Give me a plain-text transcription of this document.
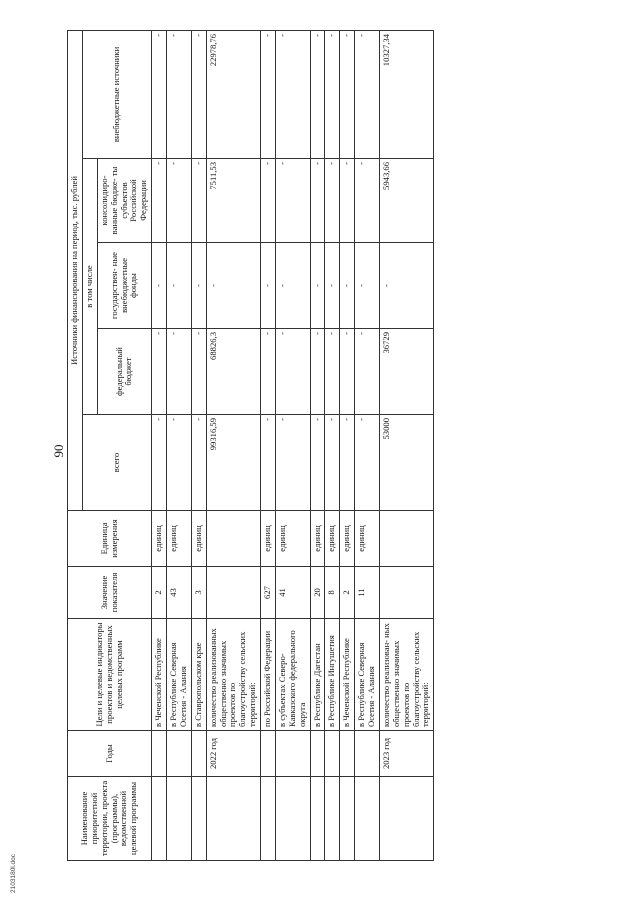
90
Наименование приоритетной территории, проекта (программы), ведомственной целевой программы	Годы	Цели и целевые индикаторы проектов и ведомственных целевых программ	Значение показателя	Единица измерения	Источники финансирования на период, тыс. рублей				
					всего	в том числе			внебюджетные источники
						федеральный бюджет	государствен- ные внебюджетные фонды	консолидиро- ванные бюдже- ты субъектов Российской Федерации	
		в Чеченской Республике	2	единиц	-	-	-	-	-
		в Республике Северная Осетия - Алания	43	единиц	-	-	-	-	-
		в Ставропольском крае	3	единиц	-	-	-	-	-
	2022 год	количество реализованных общественно значимых проектов по благоустройству сельских территорий:			99316,59	68826,3	-	7511,53	22978,76
		по Российской Федерации	627	единиц	-	-	-	-	-
		в субъектах Северо-Кавказского федерального округа	41	единиц	-	-	-	-	-
		в Республике Дагестан	20	единиц	-	-	-	-	-
		в Республике Ингушетия	8	единиц	-	-	-	-	-
		в Чеченской Республике	2	единиц	-	-	-	-	-
		в Республике Северная Осетия - Алания	11	единиц	-	-	-	-	-
	2023 год	количество реализован- ных общественно значимых проектов по благоустройству сельских территорий:			53000	36729	-	5943,66	10327,34
2103180l.doc
